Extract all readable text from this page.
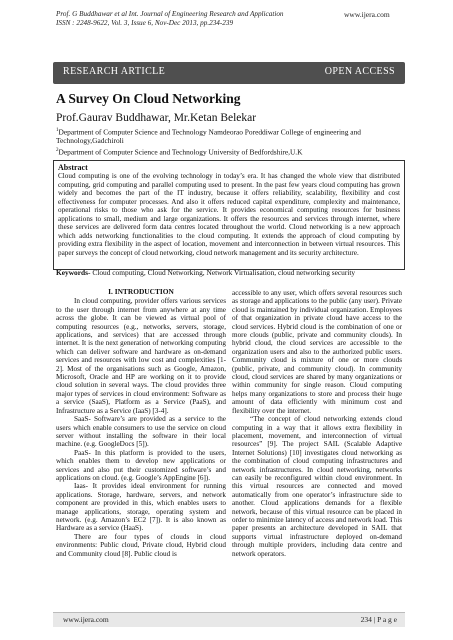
Prof. G Buddhawar et al Int. Journal of Engineering Research and Application
ISSN : 2248-9622, Vol. 3, Issue 6, Nov-Dec 2013, pp.234-239
www.ijera.com
RESEARCH ARTICLE	OPEN ACCESS
A Survey On Cloud Networking
Prof.Gaurav Buddhawar, Mr.Ketan Belekar
$^1$Department of Computer Science and Technology Namdeorao Poreddiwar College of engineering and Technology,Gadchiroli
$^2$Department of Computer Science and Technology University of Bedfordshire,U.K
Abstract

Cloud computing is one of the evolving technology in today’s era. It has changed the whole view that distributed computing, grid computing and parallel computing used to present. In the past few years cloud computing has grown widely and becomes the part of the IT industry, because it offers reliability, scalability, flexibility and cost effectiveness for computer processes. And also it offers reduced capital expenditure, complexity and maintenance, operational risks to those who ask for the service. It provides economical computing resources for business applications to small, medium and large organizations. It offers the resources and services through internet, where these services are delivered form data centres located throughout the world. Cloud networking is a new approach which adds networking functionalities to the cloud computing. It extends the approach of cloud computing by providing extra flexibility in the aspect of location, movement and interconnection in between virtual resources. This paper surveys the concept of cloud networking, cloud network management and its security architecture.

Keywords- Cloud computing, Cloud Networking, Network Virtualisation, cloud networking security

I. INTRODUCTION

In cloud computing, provider offers various services to the user through internet from anywhere at any time across the globe. It can be viewed as virtual pool of computing resources (e.g., networks, servers, storage, applications, and services) that are accessed through internet. It is the next generation of networking computing which can deliver software and hardware as on-demand services and resources with low cost and complexities [1-2]. Most of the organisations such as Google, Amazon, Microsoft, Oracle and HP are working on it to provide cloud solution in several ways. The cloud provides three major types of services in cloud environment: Software as a service (SaaS), Platform as a Service (PaaS), and Infrastructure as a Service (IaaS) [3-4].

SaaS- Software’s are provided as a service to the users which enable consumers to use the service on cloud server without installing the software in their local machine. (e.g. GoogleDocs [5]).

PaaS- In this platform is provided to the users, which enables them to develop new applications or services and also put their customized software’s and applications on cloud. (e.g. Google’s AppEngine [6]).

Iaas- It provides ideal environment for running applications. Storage, hardware, servers, and network component are provided in this, which enables users to manage applications, storage, operating system and network. (e.g. Amazon’s EC2 [7]). It is also known as Hardware as a service (HaaS).

There are four types of clouds in cloud environments: Public cloud, Private cloud, Hybrid cloud and Community cloud [8]. Public cloud is

accessible to any user, which offers several resources such as storage and applications to the public (any user). Private cloud is maintained by individual organization. Employees of that organization in private cloud have access to the cloud services. Hybrid cloud is the combination of one or more clouds (public, private and community clouds). In hybrid cloud, the cloud services are accessible to the organization users and also to the authorized public users. Community cloud is mixture of one or more clouds (public, private, and community cloud). In community cloud, cloud services are shared by many organizations or within community for single reason. Cloud computing helps many organizations to store and process their huge amount of data efficiently with minimum cost and flexibility over the internet.

“The concept of cloud networking extends cloud computing in a way that it allows extra flexibility in placement, movement, and interconnection of virtual resources” [9]. The project SAIL (Scalable Adaptive Internet Solutions) [10] investigates cloud networking as the combination of cloud computing infrastructures and network infrastructures. In cloud networking, networks can easily be reconfigured within cloud environment. In this virtual resources are connected and moved automatically from one operator’s infrastructure side to another. Cloud applications demands for a flexible network, because of this virtual resource can be placed in order to minimize latency of access and network load. This paper presents an architecture developed in SAIL that supports virtual infrastructure deployed on-demand through multiple providers, including data centre and network operators.

www.ijera.com	234 | P a g e
